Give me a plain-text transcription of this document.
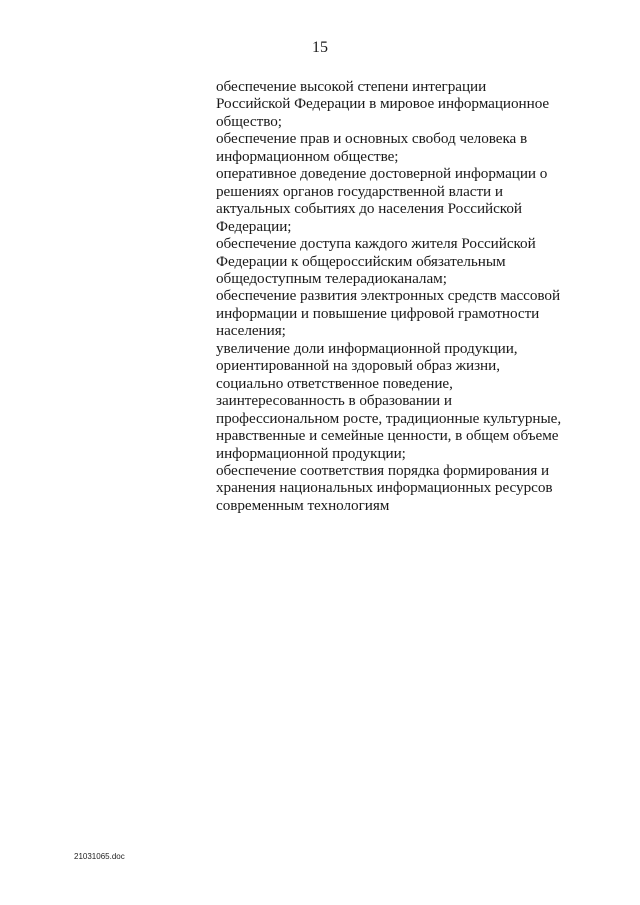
15
обеспечение высокой степени интеграции
Российской Федерации в мировое информационное
общество;
обеспечение прав и основных свобод человека в
информационном обществе;
оперативное доведение достоверной информации о
решениях органов государственной власти и
актуальных событиях до населения Российской
Федерации;
обеспечение доступа каждого жителя Российской
Федерации к общероссийским обязательным
общедоступным телерадиоканалам;
обеспечение развития электронных средств массовой
информации и повышение цифровой грамотности
населения;
увеличение доли информационной продукции,
ориентированной на здоровый образ жизни,
социально ответственное поведение,
заинтересованность в образовании и
профессиональном росте, традиционные культурные,
нравственные и семейные ценности, в общем объеме
информационной продукции;
обеспечение соответствия порядка формирования и
хранения национальных информационных ресурсов
современным технологиям
21031065.doc
